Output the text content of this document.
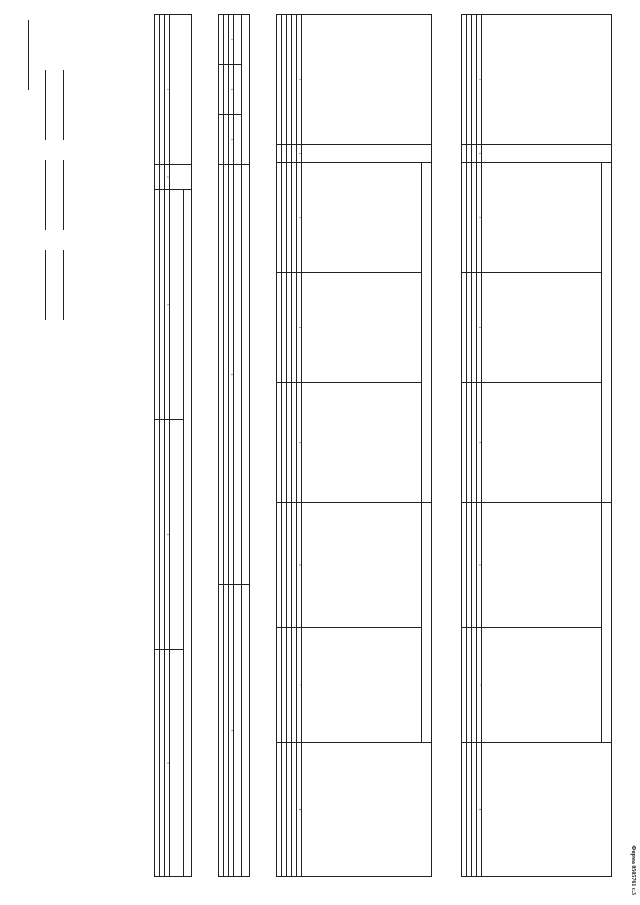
Форма 0505761 с.3

1	2	3	4	5	6	7	8

1	2	3	4	5	6	7	8

1	2	3	4	5

1	2	3	4	5
